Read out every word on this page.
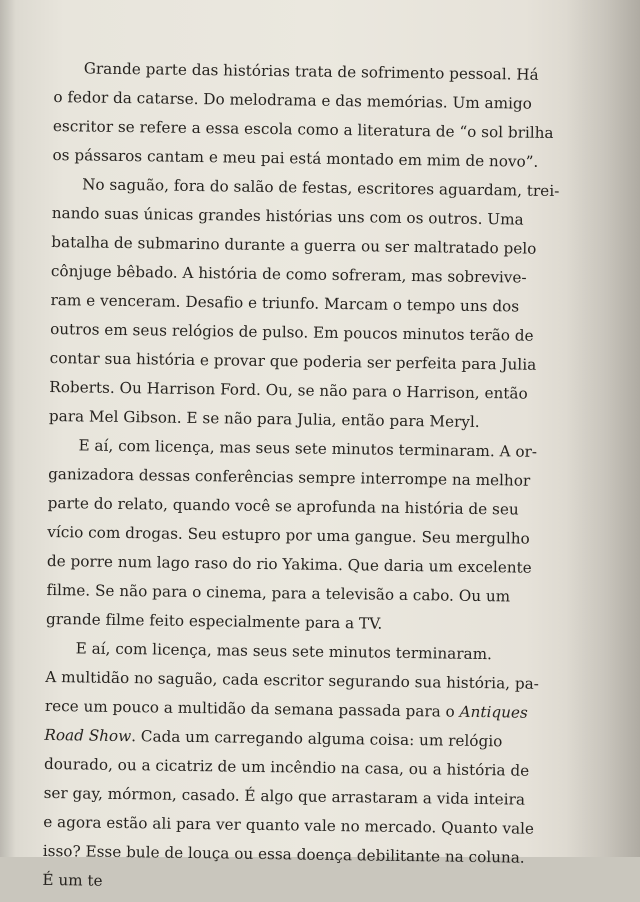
Grande parte das histórias trata de sofrimento pessoal. Há
o fedor da catarse. Do melodrama e das memórias. Um amigo
escritor se refere a essa escola como a literatura de “o sol brilha
os pássaros cantam e meu pai está montado em mim de novo”.

No saguão, fora do salão de festas, escritores aguardam, trei-
nando suas únicas grandes histórias uns com os outros. Uma
batalha de submarino durante a guerra ou ser maltratado pelo
cônjuge bêbado. A história de como sofreram, mas sobrevive-
ram e venceram. Desafio e triunfo. Marcam o tempo uns dos
outros em seus relógios de pulso. Em poucos minutos terão de
contar sua história e provar que poderia ser perfeita para Julia
Roberts. Ou Harrison Ford. Ou, se não para o Harrison, então
para Mel Gibson. E se não para Julia, então para Meryl.

E aí, com licença, mas seus sete minutos terminaram. A or-
ganizadora dessas conferências sempre interrompe na melhor
parte do relato, quando você se aprofunda na história de seu
vício com drogas. Seu estupro por uma gangue. Seu mergulho
de porre num lago raso do rio Yakima. Que daria um excelente
filme. Se não para o cinema, para a televisão a cabo. Ou um
grande filme feito especialmente para a TV.

E aí, com licença, mas seus sete minutos terminaram.
A multidão no saguão, cada escritor segurando sua história, pa-
rece um pouco a multidão da semana passada para o Antiques
Road Show. Cada um carregando alguma coisa: um relógio
dourado, ou a cicatriz de um incêndio na casa, ou a história de
ser gay, mórmon, casado. É algo que arrastaram a vida inteira
e agora estão ali para ver quanto vale no mercado. Quanto vale
isso? Esse bule de louça ou essa doença debilitante na coluna.
É um te
